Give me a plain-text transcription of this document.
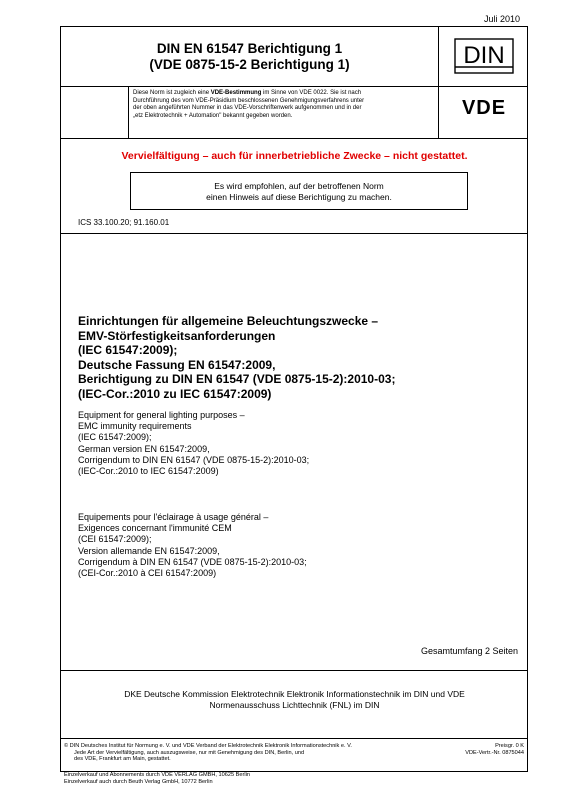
Juli 2010
DIN EN 61547 Berichtigung 1
(VDE 0875-15-2 Berichtigung 1)	DIN
Diese Norm ist zugleich eine VDE-Bestimmung im Sinne von VDE 0022. Sie ist nach
Durchführung des vom VDE-Präsidium beschlossenen Genehmigungsverfahrens unter
der oben angeführten Nummer in das VDE-Vorschriftenwerk aufgenommen und in der
„etz Elektrotechnik + Automation" bekannt gegeben worden.	VDE
Vervielfältigung – auch für innerbetriebliche Zwecke – nicht gestattet.
Es wird empfohlen, auf der betroffenen Norm
einen Hinweis auf diese Berichtigung zu machen.
ICS 33.100.20; 91.160.01
Einrichtungen für allgemeine Beleuchtungszwecke –
EMV-Störfestigkeitsanforderungen
(IEC 61547:2009);
Deutsche Fassung EN 61547:2009,
Berichtigung zu DIN EN 61547 (VDE 0875-15-2):2010-03;
(IEC-Cor.:2010 zu IEC 61547:2009)
Equipment for general lighting purposes –
EMC immunity requirements
(IEC 61547:2009);
German version EN 61547:2009,
Corrigendum to DIN EN 61547 (VDE 0875-15-2):2010-03;
(IEC-Cor.:2010 to IEC 61547:2009)
Equipements pour l'éclairage à usage général –
Exigences concernant l'immunité CEM
(CEI 61547:2009);
Version allemande EN 61547:2009,
Corrigendum à DIN EN 61547 (VDE 0875-15-2):2010-03;
(CEI-Cor.:2010 à CEI 61547:2009)
Gesamtumfang 2 Seiten
DKE Deutsche Kommission Elektrotechnik Elektronik Informationstechnik im DIN und VDE
Normenausschuss Lichttechnik (FNL) im DIN
© DIN Deutsches Institut für Normung e. V. und VDE Verband der Elektrotechnik Elektronik Informationstechnik e. V.
Jede Art der Vervielfältigung, auch auszugsweise, nur mit Genehmigung des DIN, Berlin, und
des VDE, Frankfurt am Main, gestattet.
Preisgr. 0 K
VDE-Vertr.-Nr. 0875044
Einzelverkauf und Abonnements durch VDE VERLAG GMBH, 10625 Berlin
Einzelverkauf auch durch Beuth Verlag GmbH, 10772 Berlin
